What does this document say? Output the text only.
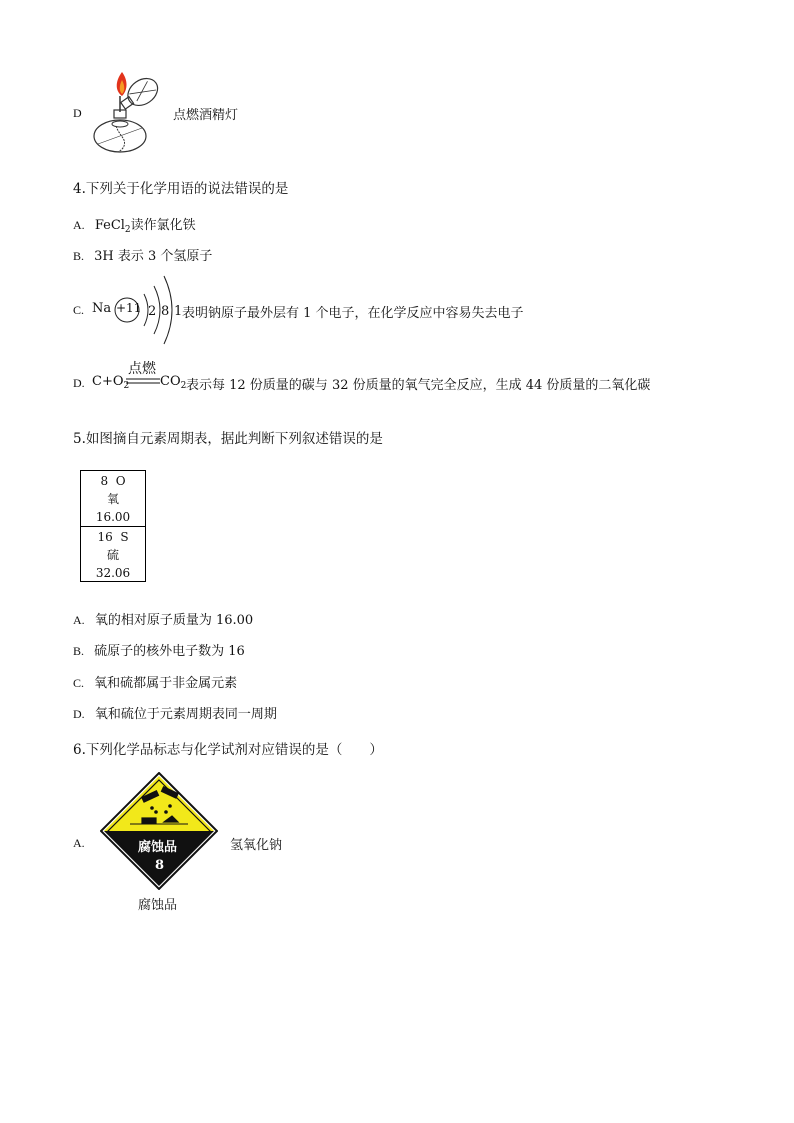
D	点燃酒精灯
4.下列关于化学用语的说法错误的是
A. FeCl$_2$读作氯化铁
B. 3H 表示 3 个氢原子
C. Na +11 2 8 1 表明钠原子最外层有 1 个电子，在化学反应中容易失去电子
D. $C+O_2$
点燃
$CO_2$ 表示每 12 份质量的碳与 32 份质量的氧气完全反应，生成 44 份质量的二氧化碳
5.如图摘自元素周期表，据此判断下列叙述错误的是
8  O
氧
16.00
16  S
硫
32.06
A. 氧的相对原子质量为 16.00
B. 硫原子的核外电子数为 16
C. 氧和硫都属于非金属元素
D. 氧和硫位于元素周期表同一周期
6.下列化学品标志与化学试剂对应错误的是（　　）
A.	腐蚀品
8
腐蚀品
氢氧化钠
